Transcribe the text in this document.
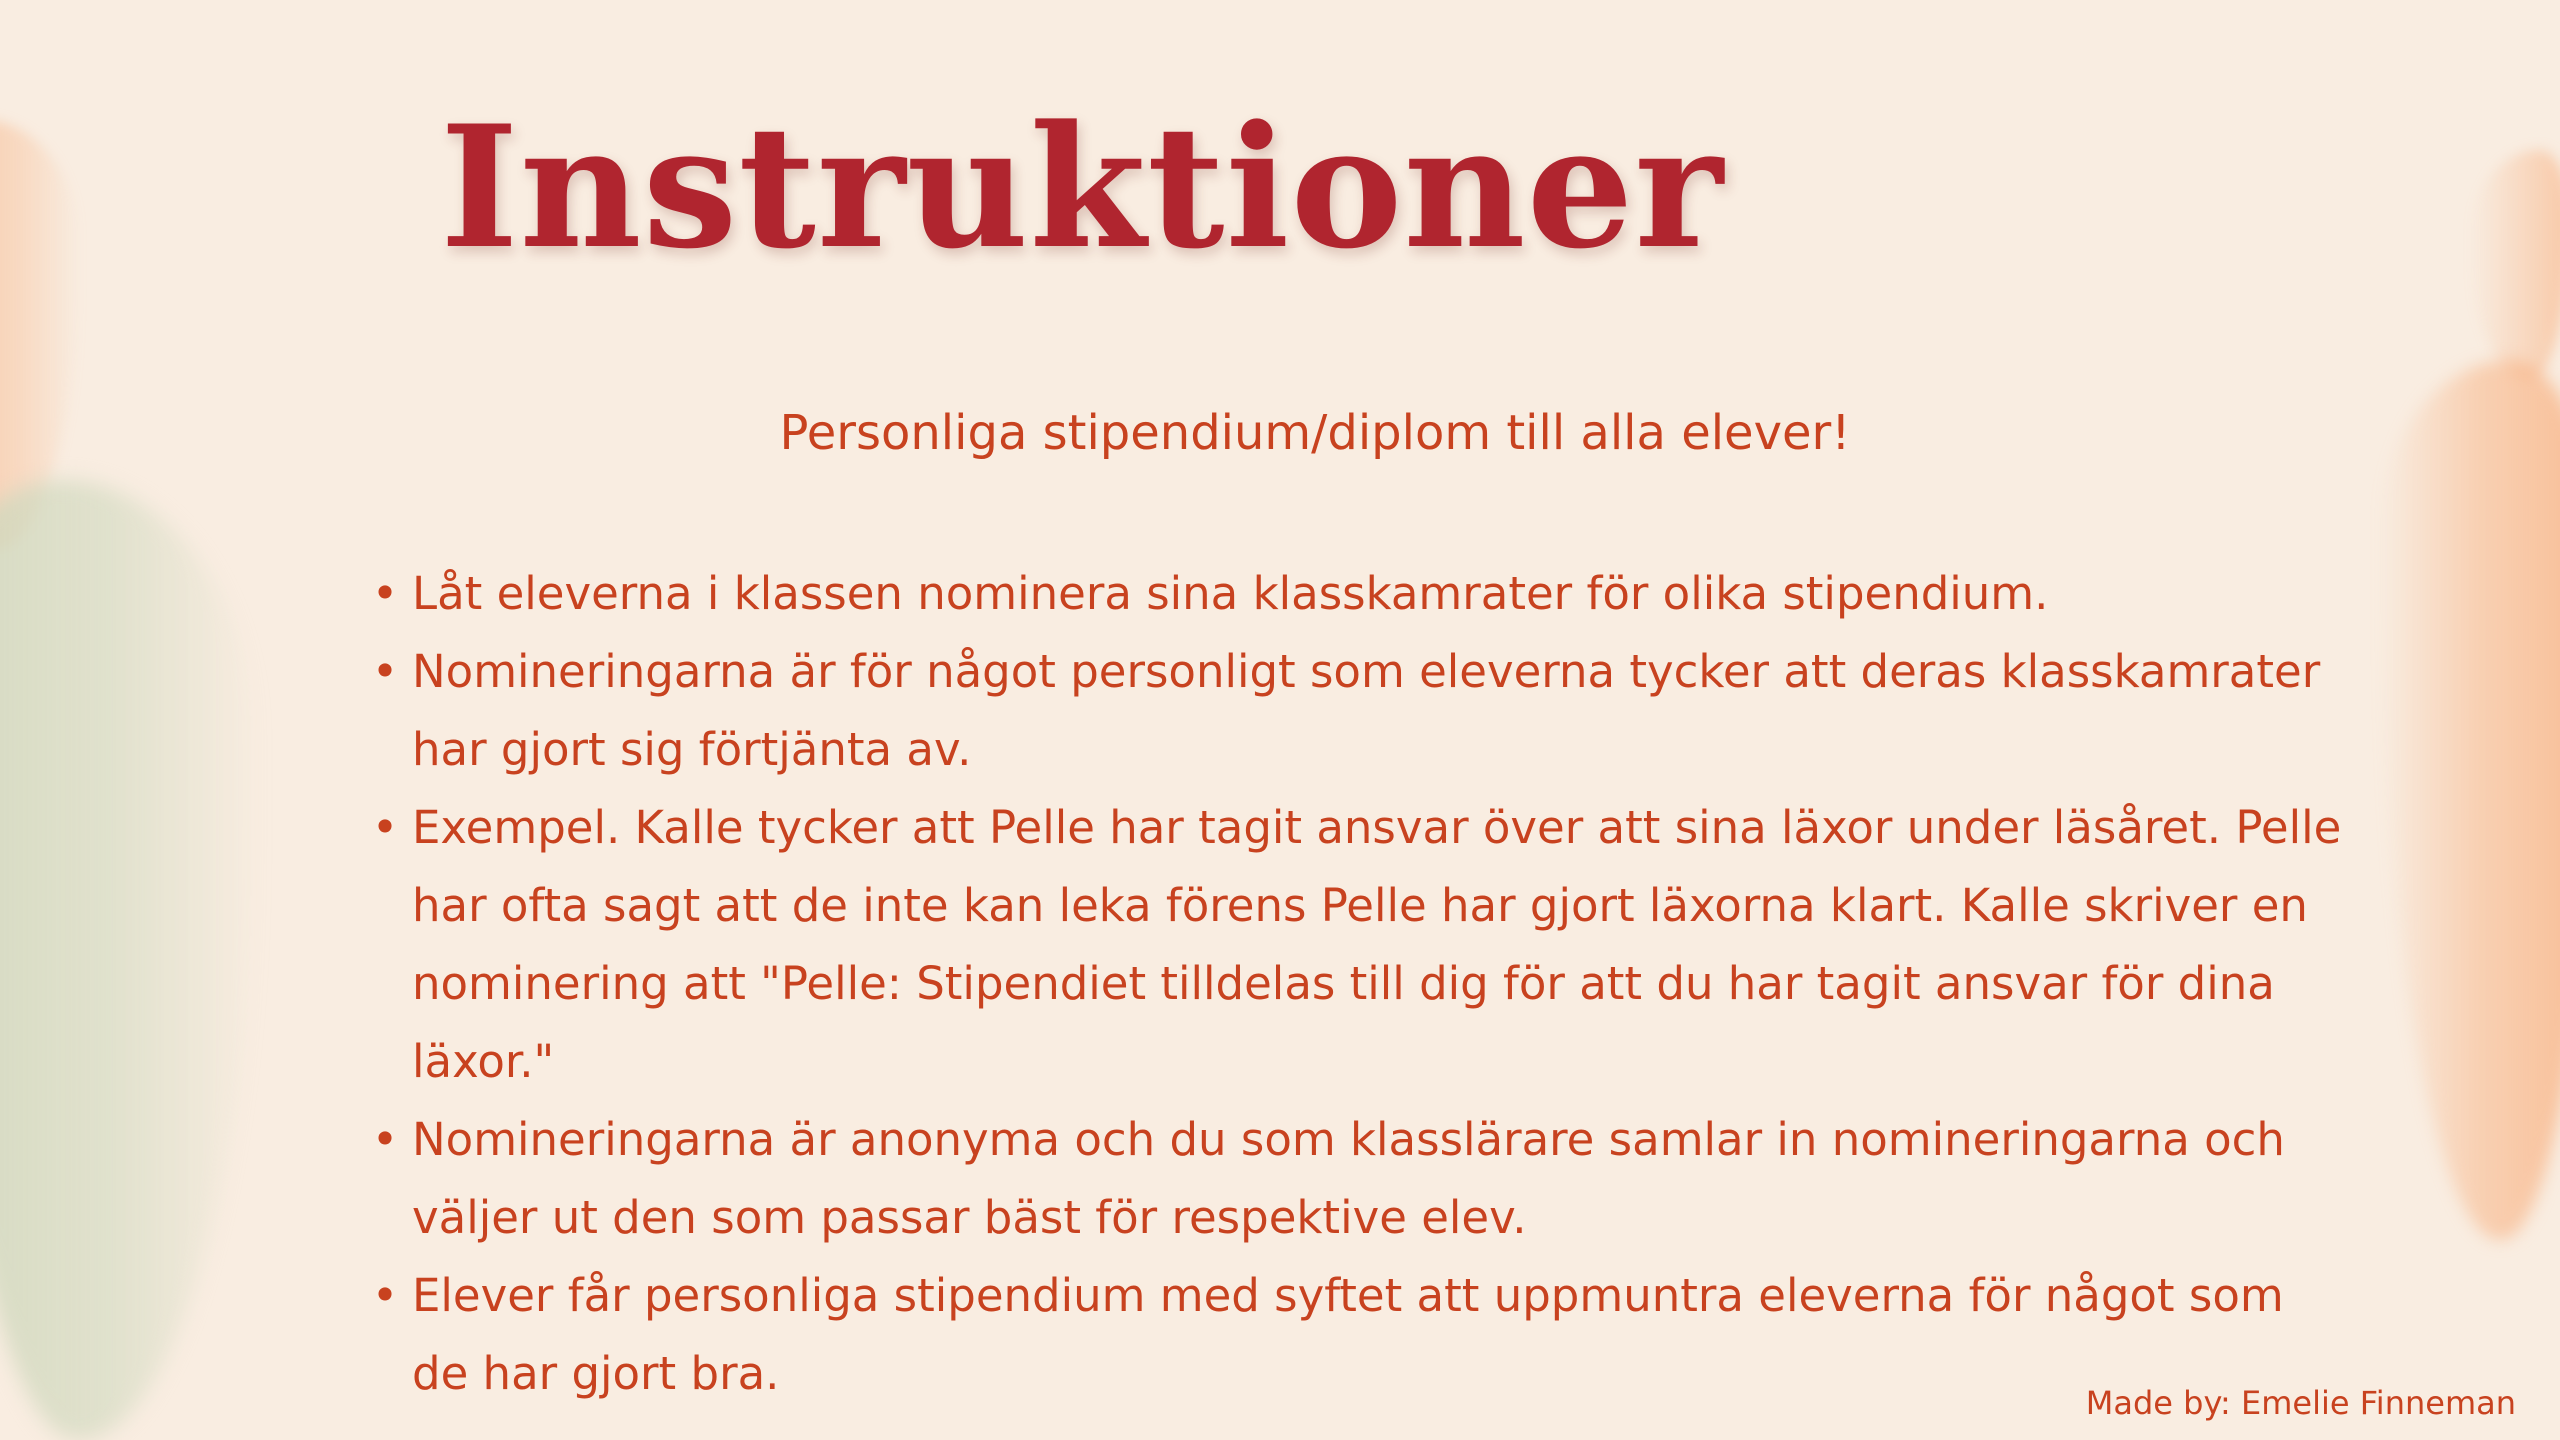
Instruktioner

Personliga stipendium/diplom till alla elever!

• Låt eleverna i klassen nominera sina klasskamrater för olika stipendium.
• Nomineringarna är för något personligt som eleverna tycker att deras klasskamrater har gjort sig förtjänta av.
• Exempel. Kalle tycker att Pelle har tagit ansvar över att sina läxor under läsåret. Pelle har ofta sagt att de inte kan leka förens Pelle har gjort läxorna klart. Kalle skriver en nominering att "Pelle: Stipendiet tilldelas till dig för att du har tagit ansvar för dina läxor."
• Nomineringarna är anonyma och du som klasslärare samlar in nomineringarna och väljer ut den som passar bäst för respektive elev.
• Elever får personliga stipendium med syftet att uppmuntra eleverna för något som de har gjort bra.

Made by: Emelie Finneman
